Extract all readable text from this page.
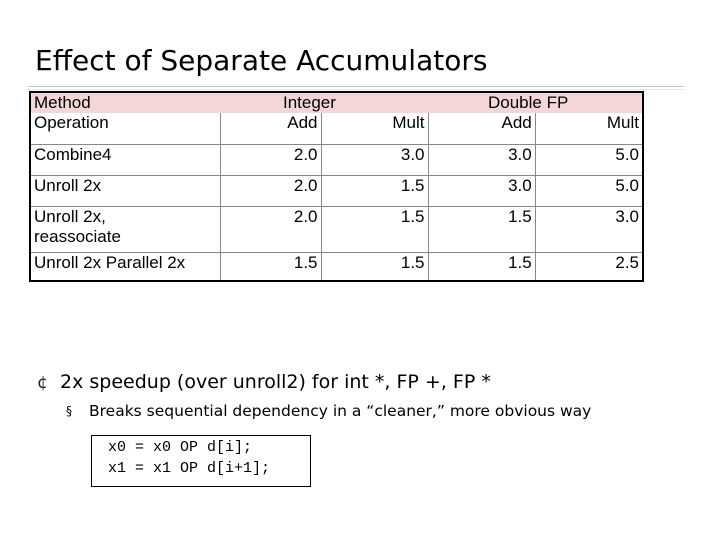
Effect of Separate Accumulators
Method	Integer		Double FP	
Operation	Add	Mult	Add	Mult
Combine4	2.0	3.0	3.0	5.0
Unroll 2x	2.0	1.5	3.0	5.0

Unroll 2x,
reassociate	2.0	1.5	1.5	3.0
Unroll 2x Parallel 2x	1.5	1.5	1.5	2.5
¢ 2x speedup (over unroll2) for int *, FP +, FP *
§ Breaks sequential dependency in a “cleaner,” more obvious way
x0 = x0 OP d[i];
x1 = x1 OP d[i+1];
